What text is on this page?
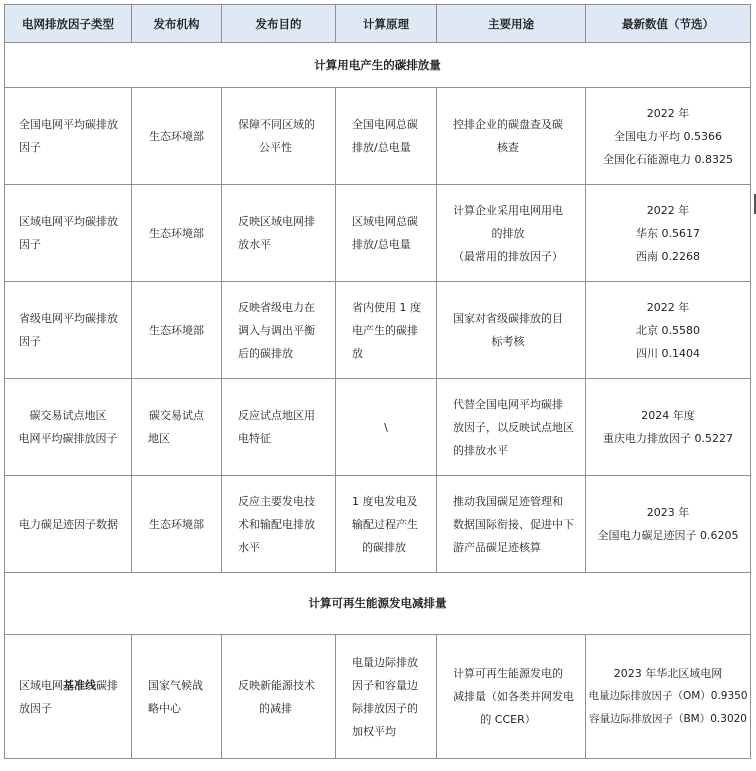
电网排放因子类型	发布机构	发布目的	计算原理	主要用途	最新数值（节选）
计算用电产生的碳排放量					

全国电网平均碳排放
因子	生态环境部	保障不同区域的
公平性	全国电网总碳
排放/总电量	控排企业的碳盘查及碳
核查	2022 年
全国电力平均 0.5366
全国化石能源电力 0.8325

区域电网平均碳排放
因子	生态环境部	反映区域电网排
放水平	区域电网总碳
排放/总电量	计算企业采用电网用电
的排放
（最常用的排放因子）	2022 年
华东 0.5617
西南 0.2268

省级电网平均碳排放
因子	生态环境部	反映省级电力在
调入与调出平衡
后的碳排放	省内使用 1 度
电产生的碳排
放	国家对省级碳排放的目
标考核	2022 年
北京 0.5580
四川 0.1404

碳交易试点地区
电网平均碳排放因子	碳交易试点
地区	反应试点地区用
电特征	\	代替全国电网平均碳排
放因子，以反映试点地区
的排放水平	2024 年度
重庆电力排放因子 0.5227

电力碳足迹因子数据	生态环境部	反应主要发电技
术和输配电排放
水平	1 度电发电及
输配过程产生
的碳排放	推动我国碳足迹管理和
数据国际衔接、促进中下
游产品碳足迹核算	2023 年
全国电力碳足迹因子 0.6205

计算可再生能源发电减排量					

区域电网基准线碳排
放因子	国家气候战
略中心	反映新能源技术
的减排	电量边际排放
因子和容量边
际排放因子的
加权平均	计算可再生能源发电的
减排量（如各类并网发电
的 CCER）	2023 年华北区域电网
电量边际排放因子（OM）0.9350
容量边际排放因子（BM）0.3020
